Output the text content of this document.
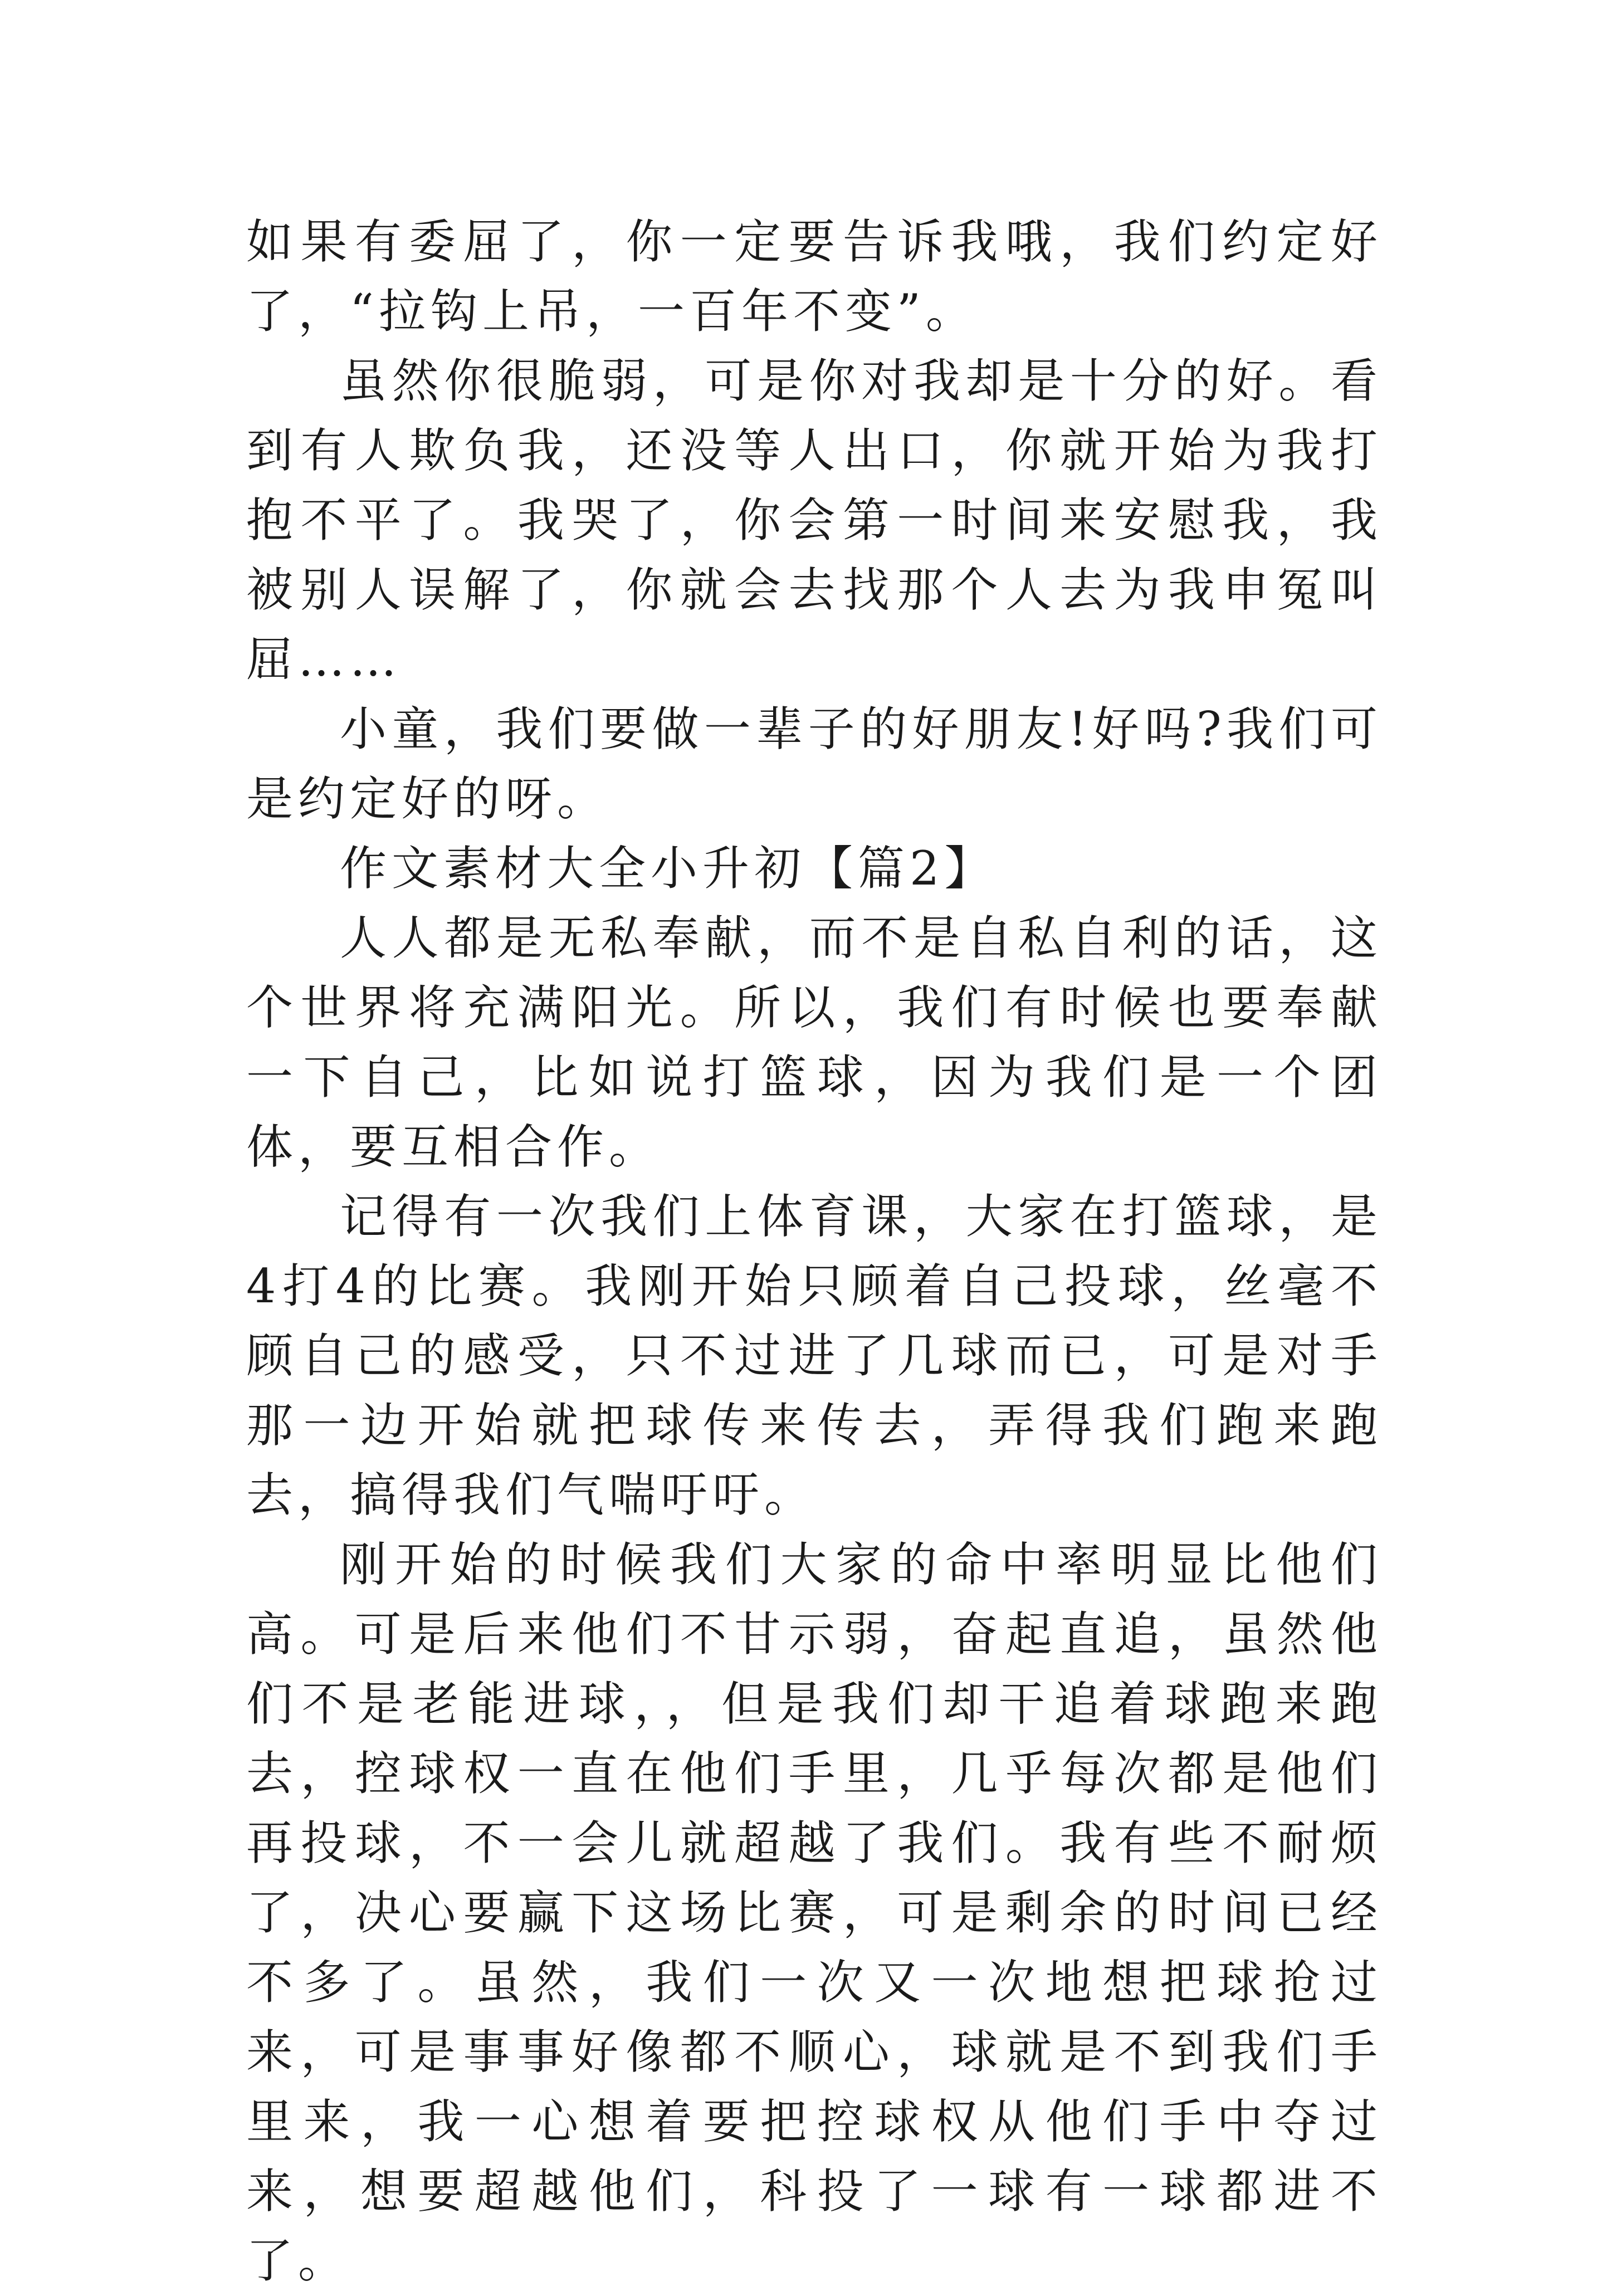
如果有委屈了，你一定要告诉我哦，我们约定好了，“拉钩上吊，一百年不变”。

虽然你很脆弱，可是你对我却是十分的好。看到有人欺负我，还没等人出口，你就开始为我打抱不平了。我哭了，你会第一时间来安慰我，我被别人误解了，你就会去找那个人去为我申冤叫屈……

小童，我们要做一辈子的好朋友!好吗?我们可是约定好的呀。

作文素材大全小升初【篇2】

人人都是无私奉献，而不是自私自利的话，这个世界将充满阳光。所以，我们有时候也要奉献一下自己，比如说打篮球，因为我们是一个团体，要互相合作。

记得有一次我们上体育课，大家在打篮球，是4打4的比赛。我刚开始只顾着自己投球，丝毫不顾自己的感受，只不过进了几球而已，可是对手那一边开始就把球传来传去，弄得我们跑来跑去，搞得我们气喘吁吁。

刚开始的时候我们大家的命中率明显比他们高。可是后来他们不甘示弱，奋起直追，虽然他们不是老能进球，，但是我们却干追着球跑来跑去，控球权一直在他们手里，几乎每次都是他们再投球，不一会儿就超越了我们。我有些不耐烦了，决心要赢下这场比赛，可是剩余的时间已经不多了。虽然，我们一次又一次地想把球抢过来，可是事事好像都不顺心，球就是不到我们手里来，我一心想着要把控球权从他们手中夺过来，想要超越他们，科投了一球有一球都进不了。
